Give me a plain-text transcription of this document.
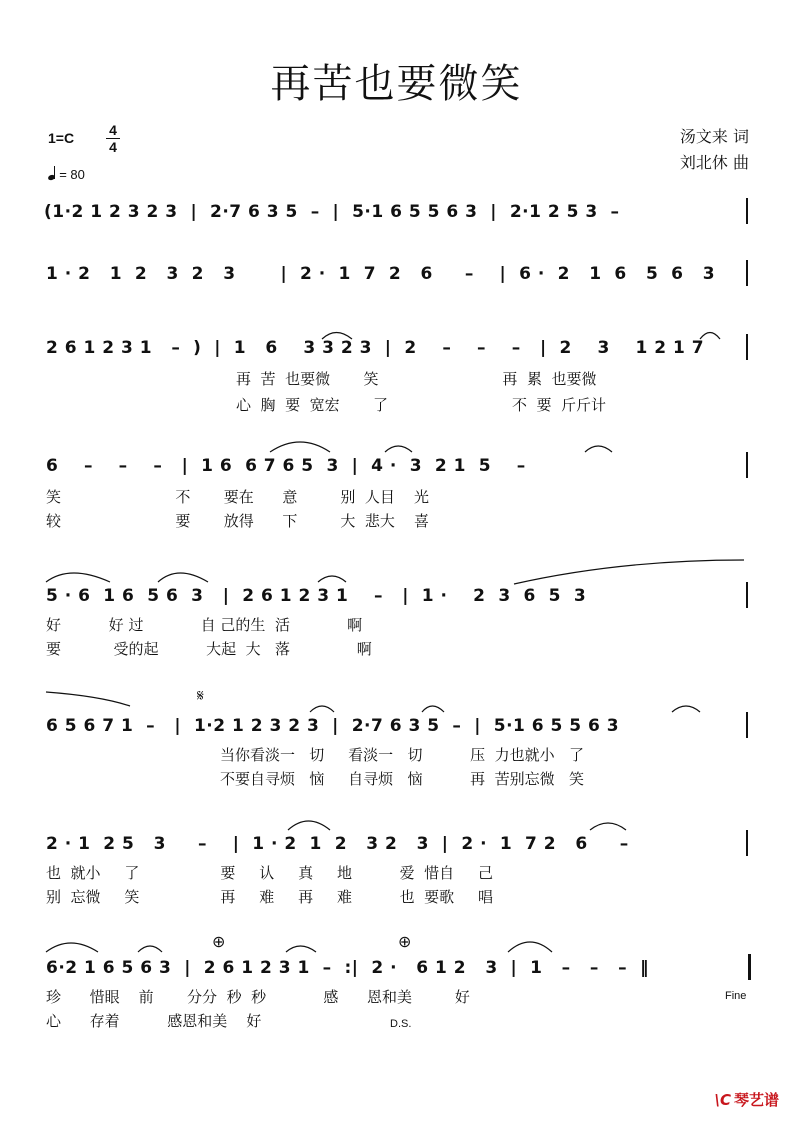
再苦也要微笑
1=C	4
4
= 80
汤文来 词
刘北休 曲
(1·2 1 2 3 2 3  |  2·7 6 3 5  –  |  5·1 6 5 5 6 3  |  2·1 2 5 3  –
1 · 2   1  2   3  2   3       |  2 ·  1  7  2   6     –    |  6 ·  2   1  6   5  6   3
2 6 1 2 3 1   –  )  |  1   6    3 3 2 3  |  2    –    –    –   |  2    3    1 2 1 7
再  苦  也要微       笑                          再  累  也要微
心  胸  要  宽宏       了                          不  要  斤斤计
6    –    –    –   |  1 6  6 7 6 5  3  |  4 ·  3  2 1  5    –
笑                        不       要在      意         别  人目    光
较                        要       放得      下         大  悲大    喜
5 · 6  1 6  5 6  3   |  2 6 1 2 3 1    –   |  1 ·    2  3  6  5  3
好          好 过            自 己的生  活            啊
要           受的起          大起  大   落              啊
6 5 6 7 1  –   |  1·2 1 2 3 2 3  |  2·7 6 3 5  –  |  5·1 6 5 5 6 3
当你看淡一   切     看淡一   切          压  力也就小   了
不要自寻烦   恼     自寻烦   恼          再  苦别忘微   笑
2 · 1  2 5   3     –    |  1 · 2  1  2   3 2   3  |  2 ·  1  7 2   6     –
也  就小     了                 要     认     真     地          爱  惜自     己
别  忘微     笑                 再     难     再     难          也  要歌     唱
6·2 1 6 5 6 3  |  2 6 1 2 3 1  –  :|  2 ·   6 1 2   3  |  1   –   –   –  ‖
珍      惜眼    前       分分  秒  秒            感      恩和美         好
心      存着          感恩和美    好
𝄋
⊕	⊕
Fine
D.S.
\C 琴艺谱
